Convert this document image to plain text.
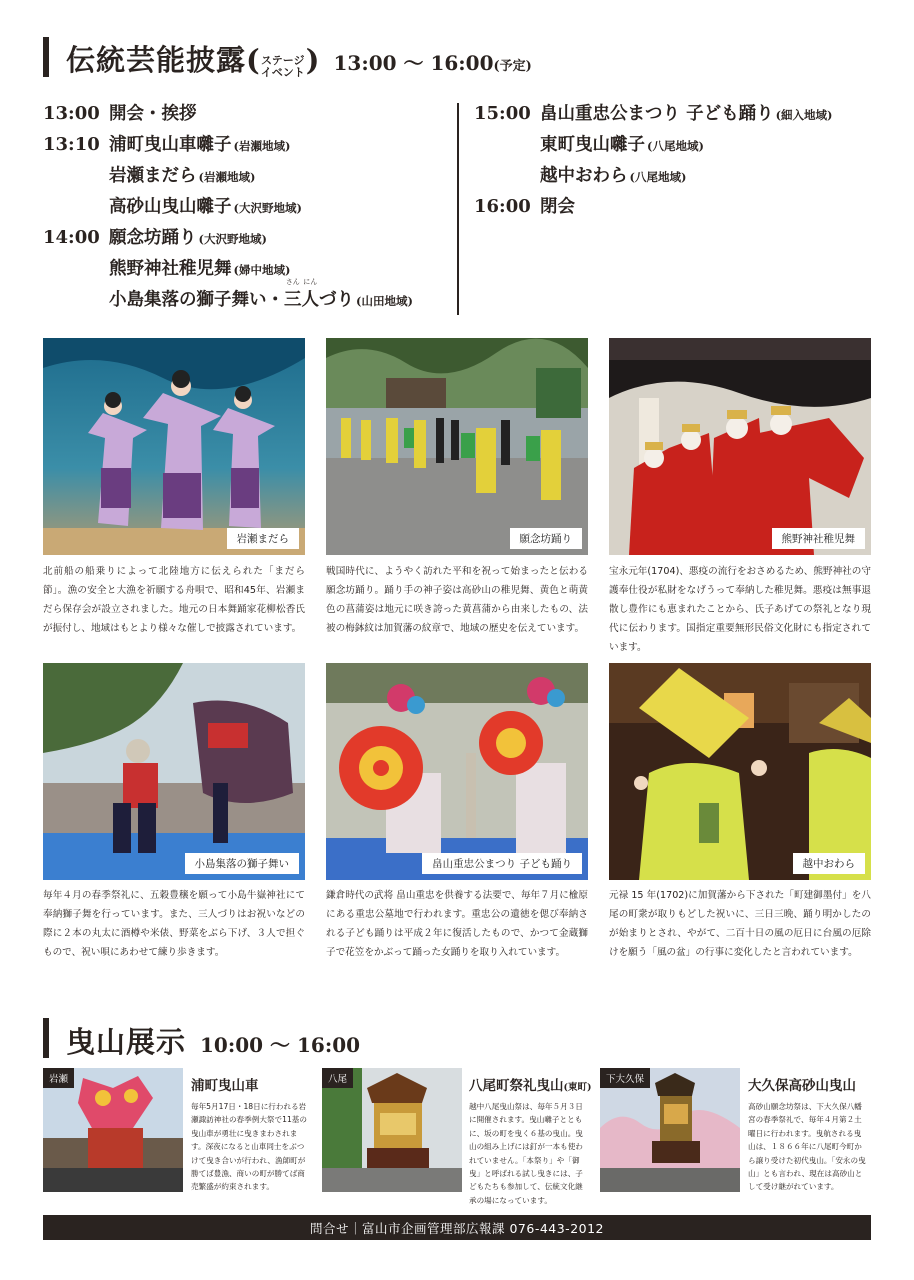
伝統芸能披露 ( ステージ
イベント ) 13:00 〜 16:00 (予定)
13:00 開会・挨拶
13:10 浦町曳山車囃子 (岩瀬地域)
岩瀬まだら (岩瀬地域)
高砂山曳山囃子 (大沢野地域)
14:00 願念坊踊り (大沢野地域)
熊野神社稚児舞 (婦中地域)
小島集落の獅子舞い・
さん にん
三人づり (山田地域)
15:00 畠山重忠公まつり 子ども踊り (細入地域)
東町曳山囃子 (八尾地域)
越中おわら (八尾地域)
16:00 閉会
岩瀬まだら
北前船の船乗りによって北陸地方に伝えられた「まだら節」。漁の安全と大漁を祈願する舟唄で、昭和45年、岩瀬まだら保存会が設立されました。地元の日本舞踊家花柳松香氏が振付し、地域はもとより様々な催しで披露されています。
願念坊踊り
戦国時代に、ようやく訪れた平和を祝って始まったと伝わる願念坊踊り。踊り手の神子姿は高砂山の稚児舞、黄色と萌黄色の菖蒲姿は地元に咲き誇った黄菖蒲から由来したもの、法被の梅鉢紋は加賀藩の紋章で、地域の歴史を伝えています。
熊野神社稚児舞
宝永元年(1704)、悪疫の流行をおさめるため、熊野神社の守護奉仕役が私財をなげうって奉納した稚児舞。悪疫は無事退散し豊作にも恵まれたことから、氏子あげての祭礼となり現代に伝わります。国指定重要無形民俗文化財にも指定されています。
小島集落の獅子舞い
毎年４月の春季祭礼に、五穀豊穣を願って小島牛嶽神社にて奉納獅子舞を行っています。また、三人づりはお祝いなどの際に２本の丸太に酒樽や米俵、野菜をぶら下げ、３人で担ぐもので、祝い唄にあわせて練り歩きます。
畠山重忠公まつり 子ども踊り
鎌倉時代の武将 畠山重忠を供養する法要で、毎年７月に楡原にある重忠公墓地で行われます。重忠公の遺徳を偲び奉納される子ども踊りは平成２年に復活したもので、かつて金蔵獅子で花笠をかぶって踊った女踊りを取り入れています。
越中おわら
元禄 15 年(1702)に加賀藩から下された「町建御墨付」を八尾の町衆が取りもどした祝いに、三日三晩、踊り明かしたのが始まりとされ、やがて、二百十日の風の厄日に台風の厄除けを願う「風の盆」の行事に変化したと言われています。
曳山展示 10:00 〜 16:00
岩瀬	浦町曳山車
毎年5月17日・18日に行われる岩瀬諏訪神社の春季例大祭で11基の曳山車が勇壮に曳きまわされます。深夜になると山車同士をぶつけて曳き合いが行われ、漁師町が勝てば豊漁、商いの町が勝てば商売繁盛が約束されます。
八尾	八尾町祭礼曳山(東町)
越中八尾曳山祭は、毎年５月３日に開催されます。曳山囃子とともに、坂の町を曳く６基の曳山。曳山の組み上げには釘が一本も使われていません。「本祭り」や「御曳」と呼ばれる試し曳きには、子どもたちも参加して、伝統文化継承の場になっています。
下大久保	大久保高砂山曳山
高砂山願念坊祭は、下大久保八幡宮の春季祭礼で、毎年４月第２土曜日に行われます。曳航される曳山は、１８６６年に八尾町今町から譲り受けた初代曳山。「安永の曳山」とも言われ、現在は高砂山として受け継がれています。
問合せ｜富山市企画管理部広報課 076-443-2012
